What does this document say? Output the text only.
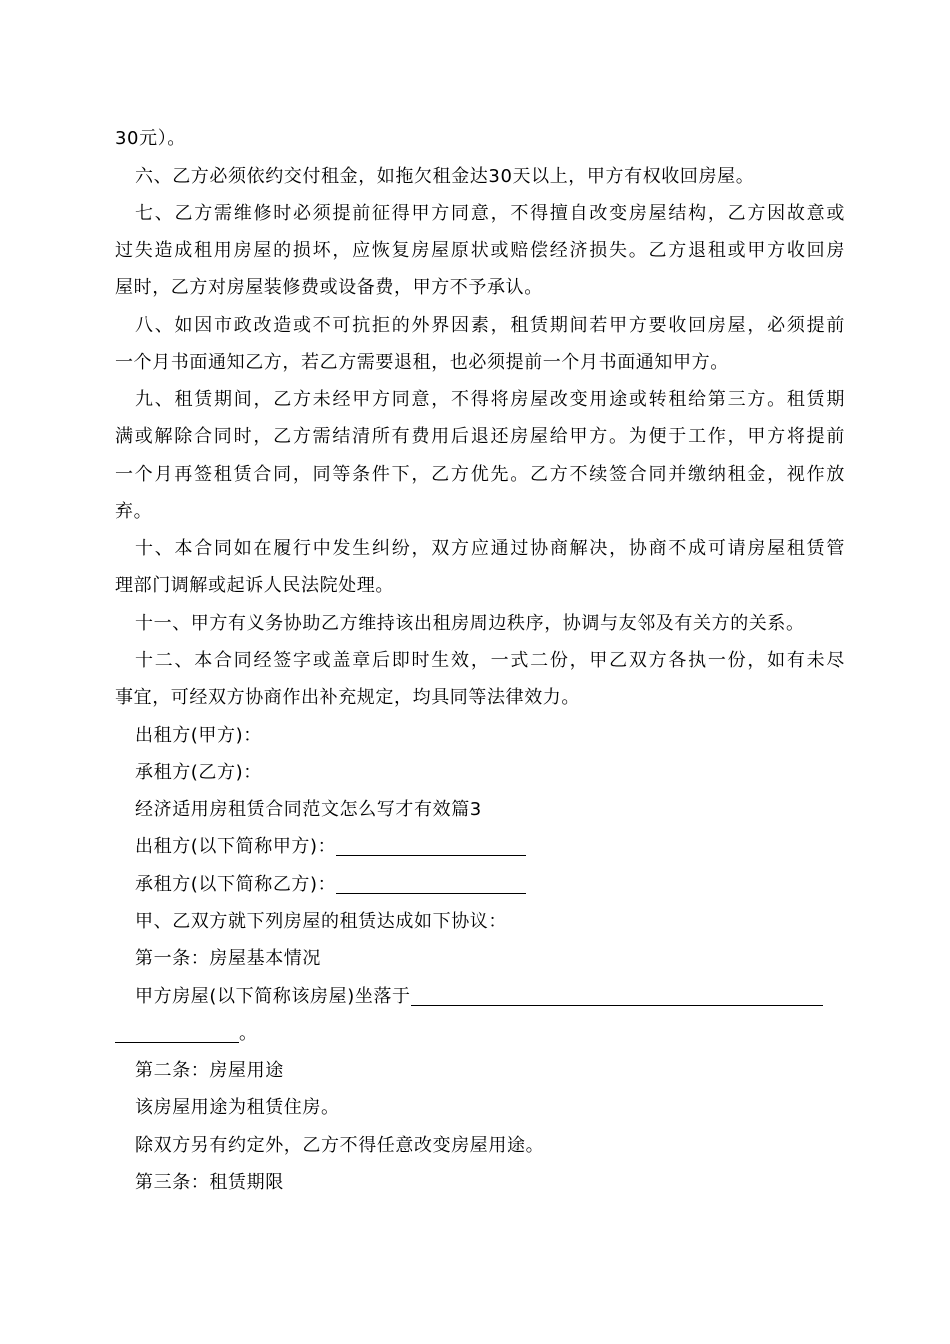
30元）。
六、乙方必须依约交付租金，如拖欠租金达30天以上，甲方有权收回房屋。
七、乙方需维修时必须提前征得甲方同意，不得擅自改变房屋结构，乙方因故意或
过失造成租用房屋的损坏，应恢复房屋原状或赔偿经济损失。乙方退租或甲方收回房
屋时，乙方对房屋装修费或设备费，甲方不予承认。
八、如因市政改造或不可抗拒的外界因素，租赁期间若甲方要收回房屋，必须提前
一个月书面通知乙方，若乙方需要退租，也必须提前一个月书面通知甲方。
九、租赁期间，乙方未经甲方同意，不得将房屋改变用途或转租给第三方。租赁期
满或解除合同时，乙方需结清所有费用后退还房屋给甲方。为便于工作，甲方将提前
一个月再签租赁合同，同等条件下，乙方优先。乙方不续签合同并缴纳租金，视作放
弃。
十、本合同如在履行中发生纠纷，双方应通过协商解决，协商不成可请房屋租赁管
理部门调解或起诉人民法院处理。
十一、甲方有义务协助乙方维持该出租房周边秩序，协调与友邻及有关方的关系。
十二、本合同经签字或盖章后即时生效，一式二份，甲乙双方各执一份，如有未尽
事宜，可经双方协商作出补充规定，均具同等法律效力。
出租方(甲方)：
承租方(乙方)：
经济适用房租赁合同范文怎么写才有效篇3
出租方(以下简称甲方)：
承租方(以下简称乙方)：
甲、乙双方就下列房屋的租赁达成如下协议：
第一条：房屋基本情况
甲方房屋(以下简称该房屋)坐落于
。
第二条：房屋用途
该房屋用途为租赁住房。
除双方另有约定外，乙方不得任意改变房屋用途。
第三条：租赁期限
